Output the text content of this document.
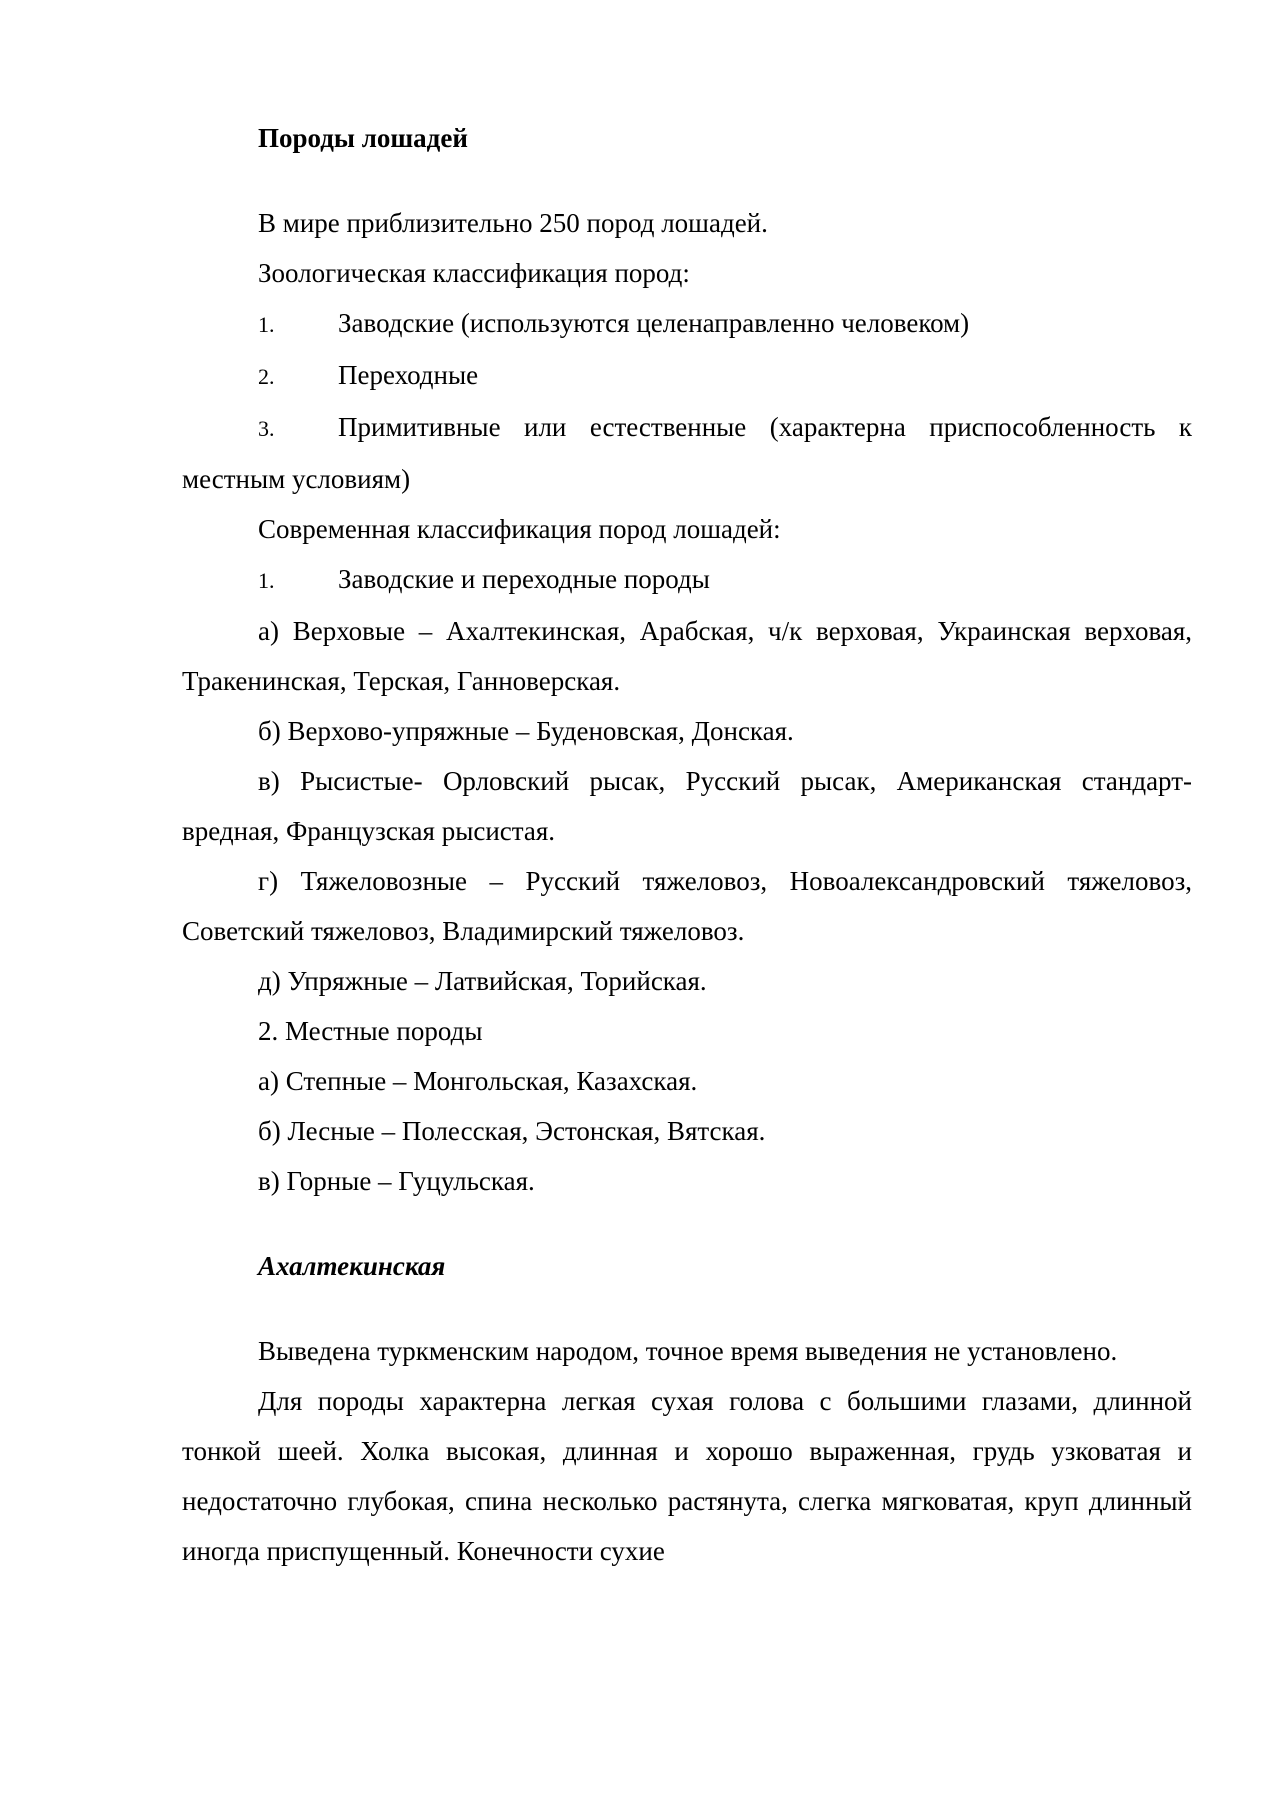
Породы лошадей

В мире приблизительно 250 пород лошадей.

Зоологическая классификация пород:

1. Заводские (используются целенаправленно человеком)

2. Переходные

3. Примитивные или естественные (характерна приспособленность к местным условиям)

Современная классификация пород лошадей:

1. Заводские и переходные породы

а) Верховые – Ахалтекинская, Арабская, ч/к верховая, Украинская верховая, Тракенинская, Терская, Ганноверская.

б) Верхово-упряжные – Буденовская, Донская.

в) Рысистые- Орловский рысак, Русский рысак, Американская стандарт-вредная, Французская рысистая.

г) Тяжеловозные – Русский тяжеловоз, Новоалександровский тяжеловоз, Советский тяжеловоз, Владимирский тяжеловоз.

д) Упряжные – Латвийская, Торийская.

2. Местные породы

а) Степные – Монгольская, Казахская.

б) Лесные – Полесская, Эстонская, Вятская.

в) Горные – Гуцульская.

Ахалтекинская

Выведена туркменским народом, точное время выведения не установлено.

Для породы характерна легкая сухая голова с большими глазами, длинной тонкой шеей. Холка высокая, длинная и хорошо выраженная, грудь узковатая и недостаточно глубокая, спина несколько растянута, слегка мягковатая, круп длинный иногда приспущенный. Конечности сухие
